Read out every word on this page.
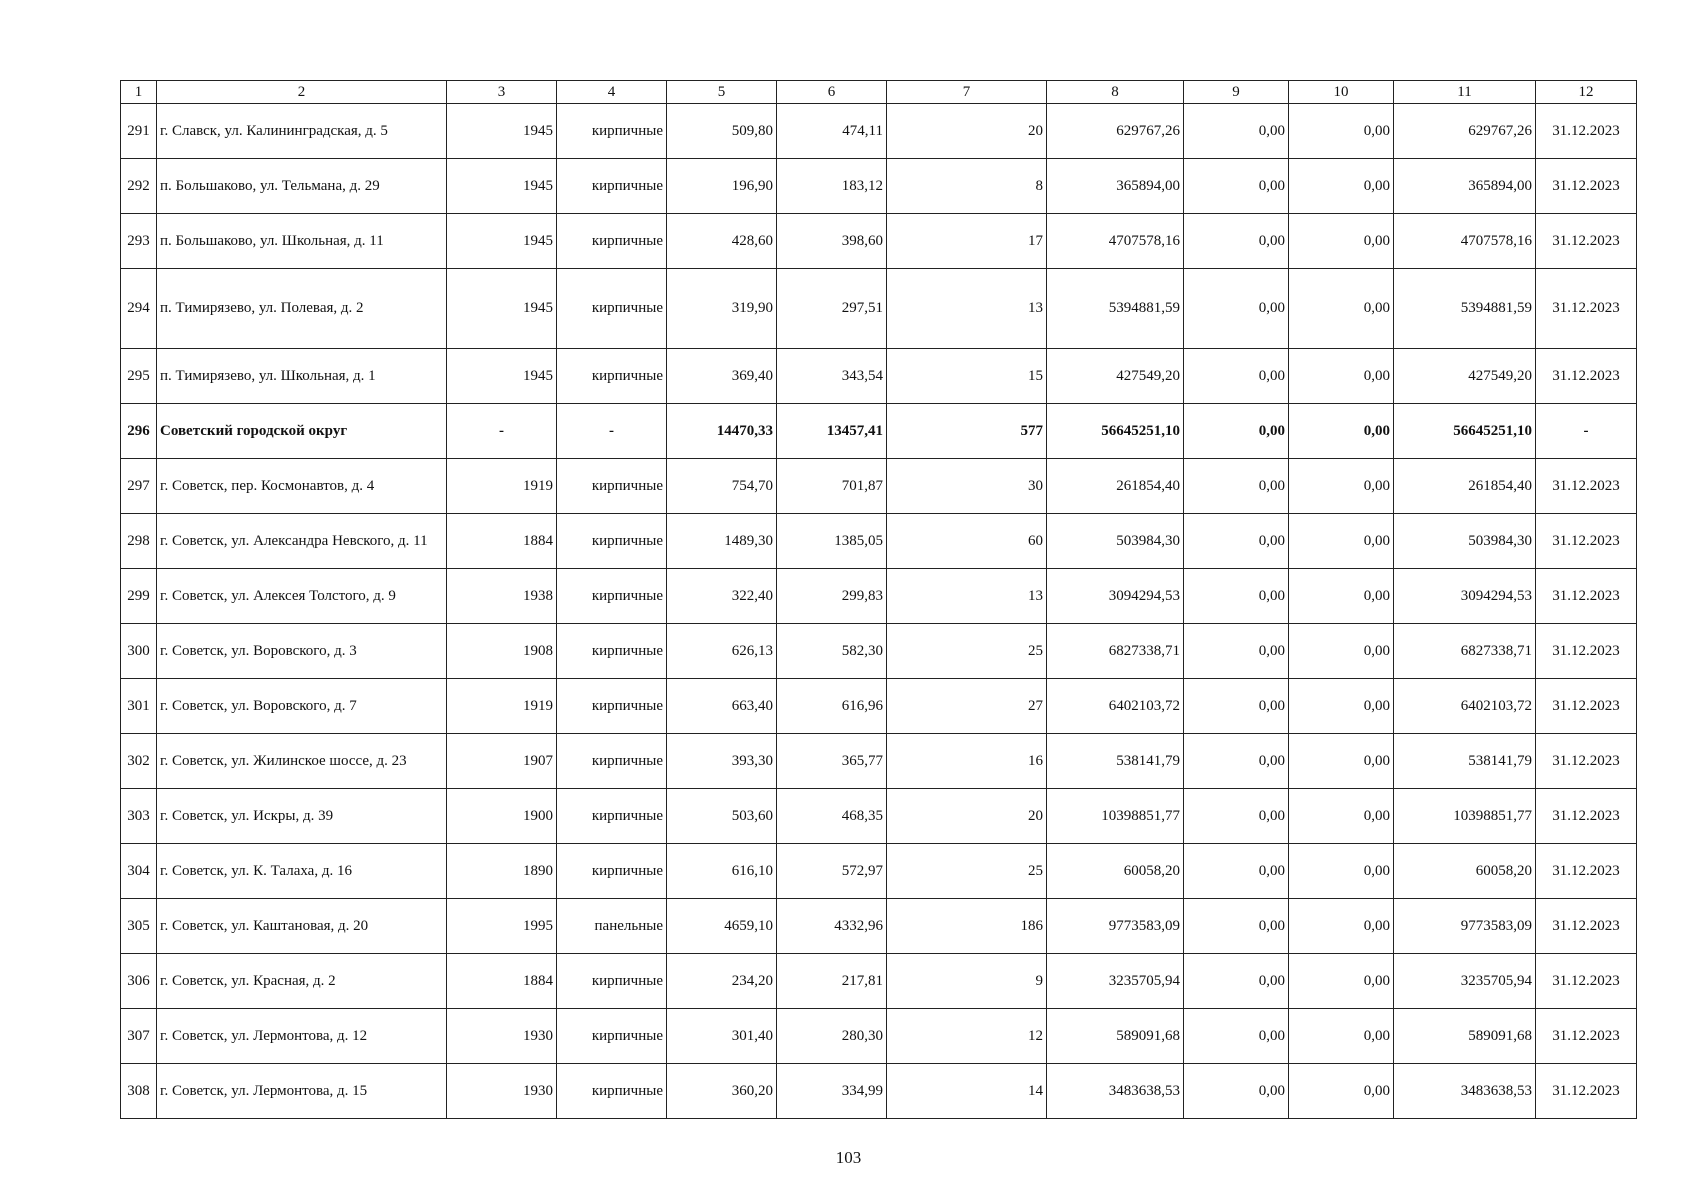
1	2	3	4	5	6	7	8	9	10	11	12
291	г. Славск, ул. Калининградская, д. 5	1945	кирпичные	509,80	474,11	20	629767,26	0,00	0,00	629767,26	31.12.2023
292	п. Большаково, ул. Тельмана, д. 29	1945	кирпичные	196,90	183,12	8	365894,00	0,00	0,00	365894,00	31.12.2023
293	п. Большаково, ул. Школьная, д. 11	1945	кирпичные	428,60	398,60	17	4707578,16	0,00	0,00	4707578,16	31.12.2023
294	п. Тимирязево, ул. Полевая, д. 2	1945	кирпичные	319,90	297,51	13	5394881,59	0,00	0,00	5394881,59	31.12.2023
295	п. Тимирязево, ул. Школьная, д. 1	1945	кирпичные	369,40	343,54	15	427549,20	0,00	0,00	427549,20	31.12.2023
296	Советский городской округ	-	-	14470,33	13457,41	577	56645251,10	0,00	0,00	56645251,10	-
297	г. Советск, пер. Космонавтов, д. 4	1919	кирпичные	754,70	701,87	30	261854,40	0,00	0,00	261854,40	31.12.2023
298	г. Советск, ул. Александра Невского, д. 11	1884	кирпичные	1489,30	1385,05	60	503984,30	0,00	0,00	503984,30	31.12.2023
299	г. Советск, ул. Алексея Толстого, д. 9	1938	кирпичные	322,40	299,83	13	3094294,53	0,00	0,00	3094294,53	31.12.2023
300	г. Советск, ул. Воровского, д. 3	1908	кирпичные	626,13	582,30	25	6827338,71	0,00	0,00	6827338,71	31.12.2023
301	г. Советск, ул. Воровского, д. 7	1919	кирпичные	663,40	616,96	27	6402103,72	0,00	0,00	6402103,72	31.12.2023
302	г. Советск, ул. Жилинское шоссе, д. 23	1907	кирпичные	393,30	365,77	16	538141,79	0,00	0,00	538141,79	31.12.2023
303	г. Советск, ул. Искры, д. 39	1900	кирпичные	503,60	468,35	20	10398851,77	0,00	0,00	10398851,77	31.12.2023
304	г. Советск, ул. К. Талаха, д. 16	1890	кирпичные	616,10	572,97	25	60058,20	0,00	0,00	60058,20	31.12.2023
305	г. Советск, ул. Каштановая, д. 20	1995	панельные	4659,10	4332,96	186	9773583,09	0,00	0,00	9773583,09	31.12.2023
306	г. Советск, ул. Красная, д. 2	1884	кирпичные	234,20	217,81	9	3235705,94	0,00	0,00	3235705,94	31.12.2023
307	г. Советск, ул. Лермонтова, д. 12	1930	кирпичные	301,40	280,30	12	589091,68	0,00	0,00	589091,68	31.12.2023
308	г. Советск, ул. Лермонтова, д. 15	1930	кирпичные	360,20	334,99	14	3483638,53	0,00	0,00	3483638,53	31.12.2023
103
